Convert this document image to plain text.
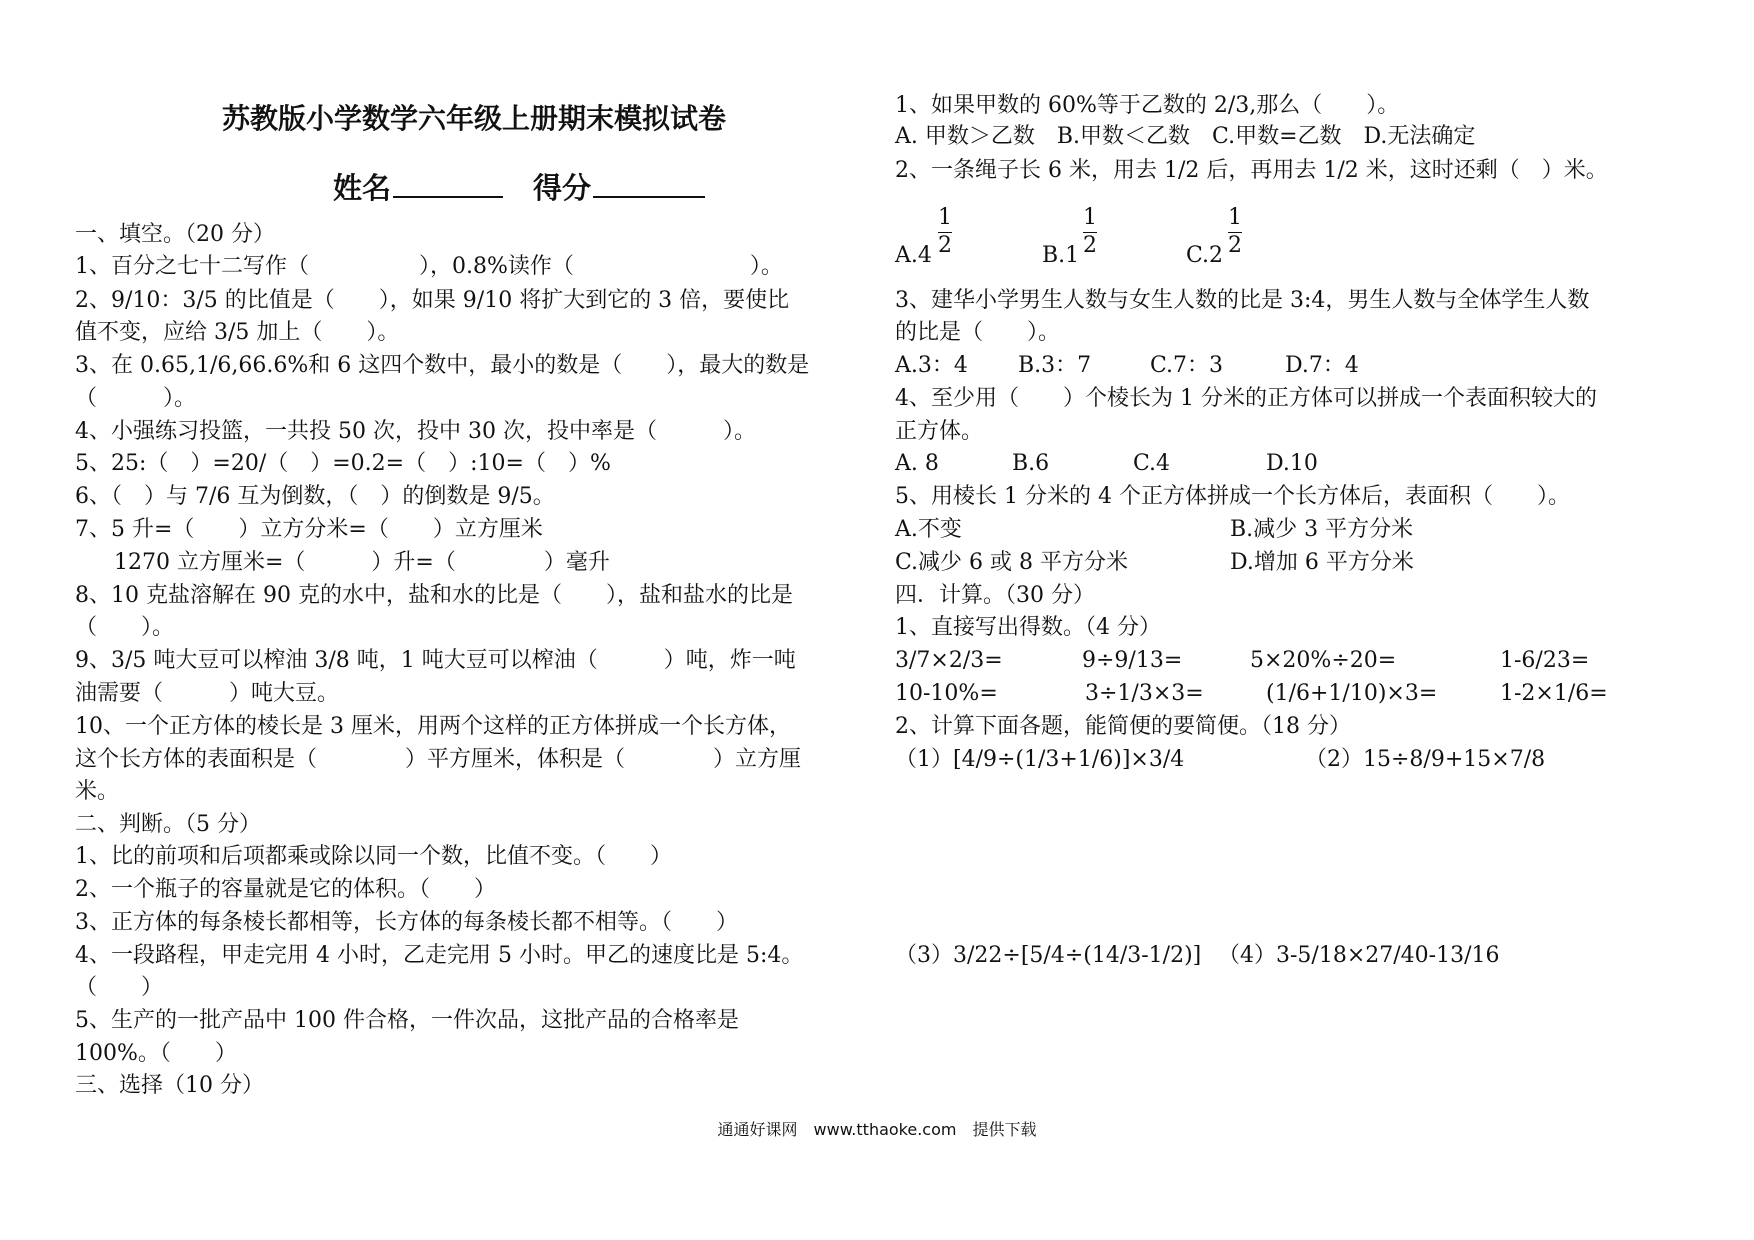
苏教版小学数学六年级上册期末模拟试卷
姓名	得分
一、填空。（20 分）
1、百分之七十二写作（　　　　　），0.8%读作（　　　　　　　　）。
2、9/10：3/5 的比值是（　　），如果 9/10 将扩大到它的 3 倍，要使比
值不变，应给 3/5 加上（　　）。
3、在 0.65,1/6,66.6%和 6 这四个数中，最小的数是（　　），最大的数是
（　　　）。
4、小强练习投篮，一共投 50 次，投中 30 次，投中率是（　　　）。
5、25:（　）=20/（　）=0.2=（　）:10=（　）%
6、（　）与 7/6 互为倒数，（　）的倒数是 9/5。
7、5 升=（　　）立方分米=（　　）立方厘米
1270 立方厘米=（　　　）升=（　　　　）毫升
8、10 克盐溶解在 90 克的水中，盐和水的比是（　　），盐和盐水的比是
（　　）。
9、3/5 吨大豆可以榨油 3/8 吨，1 吨大豆可以榨油（　　　）吨，炸一吨
油需要（　　　）吨大豆。
10、一个正方体的棱长是 3 厘米，用两个这样的正方体拼成一个长方体，
这个长方体的表面积是（　　　　）平方厘米，体积是（　　　　）立方厘
米。
二、判断。（5 分）
1、比的前项和后项都乘或除以同一个数，比值不变。（　　）
2、一个瓶子的容量就是它的体积。（　　）
3、正方体的每条棱长都相等，长方体的每条棱长都不相等。（　　）
4、一段路程，甲走完用 4 小时，乙走完用 5 小时。甲乙的速度比是 5:4。
（　　）
5、生产的一批产品中 100 件合格，一件次品，这批产品的合格率是
100%。（　　）
三、选择（10 分）
1、如果甲数的 60%等于乙数的 2/3,那么（　　）。
A. 甲数＞乙数　B.甲数＜乙数　C.甲数=乙数　D.无法确定
2、一条绳子长 6 米，用去 1/2 后，再用去 1/2 米，这时还剩（　）米。
A.4
1
2	B.1
1
2	C.2
1
2
3、建华小学男生人数与女生人数的比是 3:4，男生人数与全体学生人数
的比是（　　）。
A.3：4 B.3：7	C.7：3	D.7：4
4、至少用（　　）个棱长为 1 分米的正方体可以拼成一个表面积较大的
正方体。
A. 8	B.6	C.4	D.10
5、用棱长 1 分米的 4 个正方体拼成一个长方体后，表面积（　　）。
A.不变	B.减少 3 平方分米
C.减少 6 或 8 平方分米	D.增加 6 平方分米
四．计算。（30 分）
1、直接写出得数。（4 分）
3/7×2/3=	9÷9/13=	5×20%÷20=	1-6/23=
10-10%=	3÷1/3×3=	(1/6+1/10)×3=	1-2×1/6=
2、计算下面各题，能简便的要简便。（18 分）
（1）[4/9÷(1/3+1/6)]×3/4	（2）15÷8/9+15×7/8
（3）3/22÷[5/4÷(14/3-1/2)] （4）3-5/18×27/40-13/16
通通好课网　www.tthaoke.com　提供下载
